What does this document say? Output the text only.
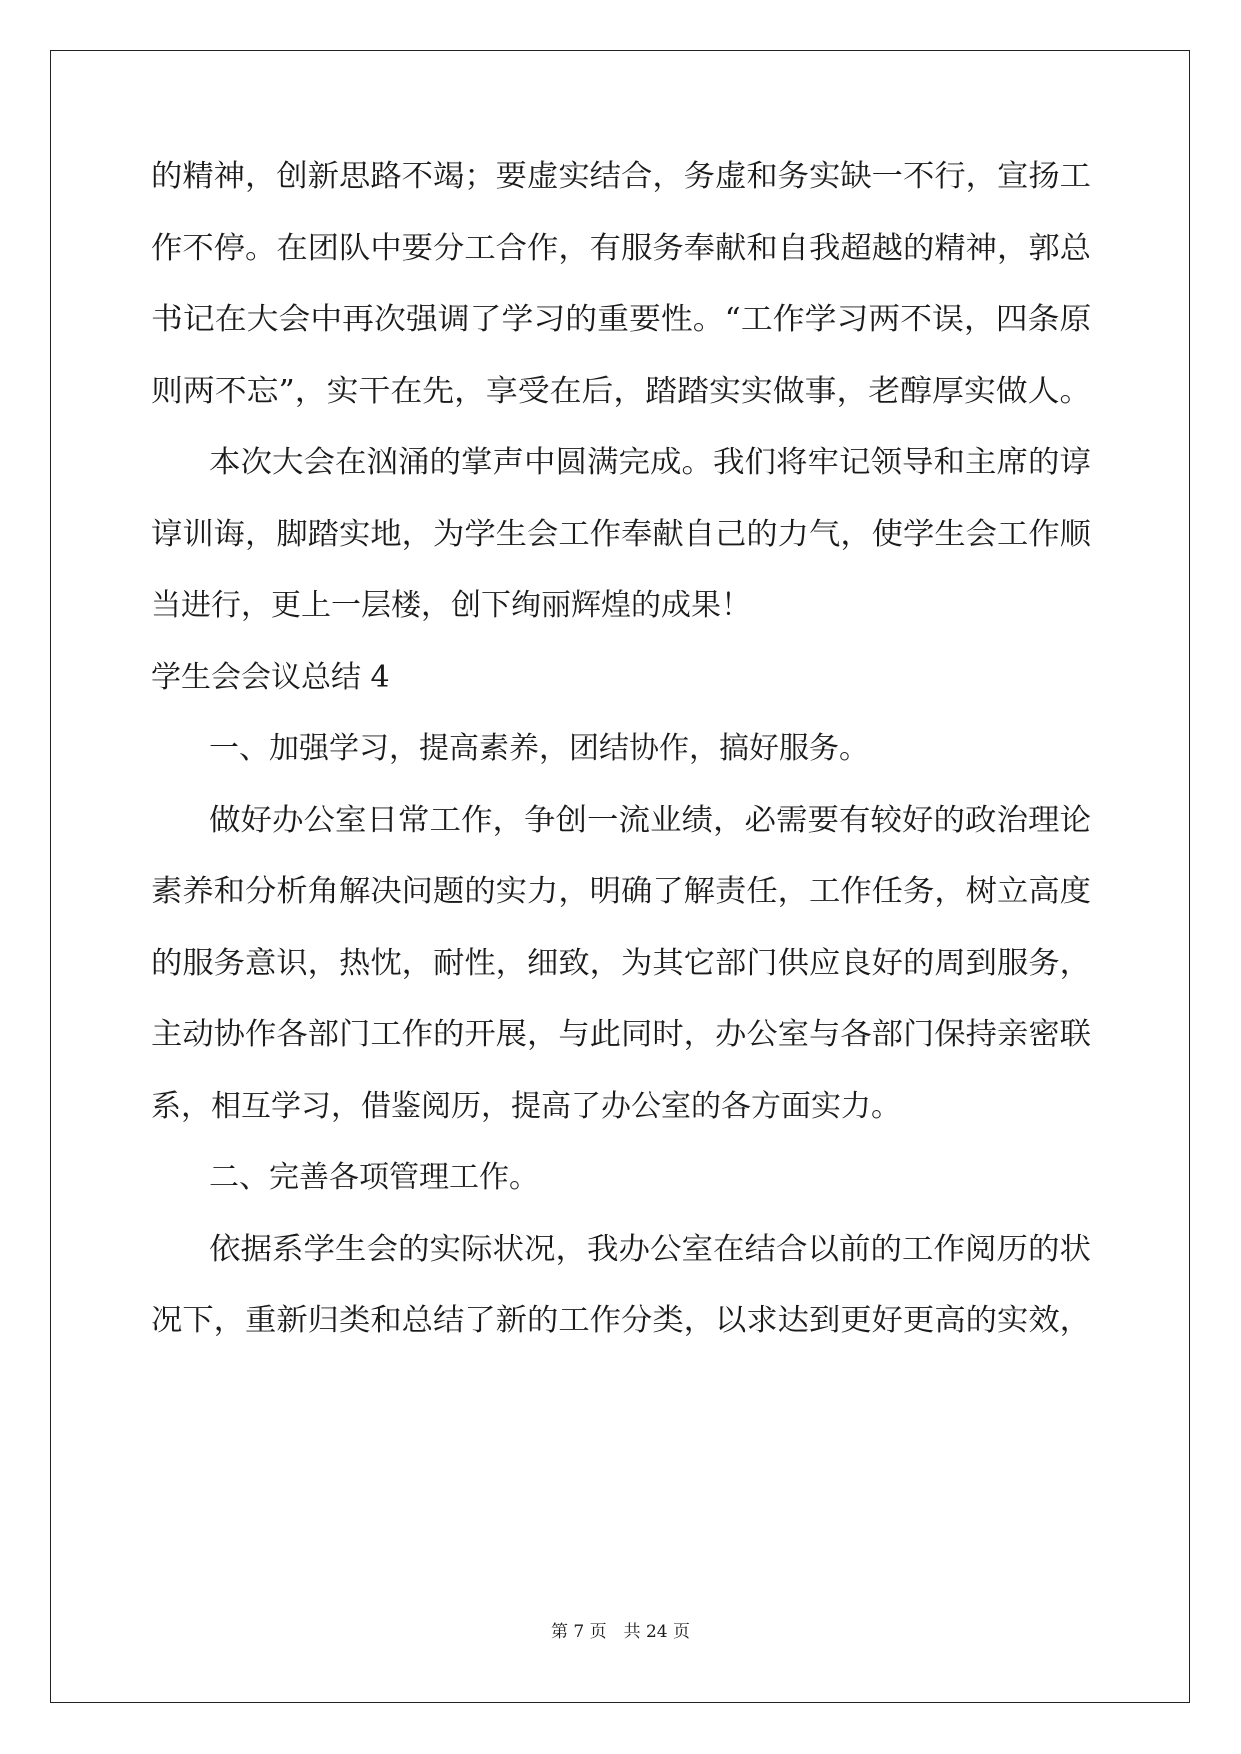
的精神，创新思路不竭；要虚实结合，务虚和务实缺一不行，宣扬工
作不停。在团队中要分工合作，有服务奉献和自我超越的精神，郭总
书记在大会中再次强调了学习的重要性。“工作学习两不误，四条原
则两不忘”，实干在先，享受在后，踏踏实实做事，老醇厚实做人。
本次大会在汹涌的掌声中圆满完成。我们将牢记领导和主席的谆
谆训诲，脚踏实地，为学生会工作奉献自己的力气，使学生会工作顺
当进行，更上一层楼，创下绚丽辉煌的成果！
学生会会议总结 4
一、加强学习，提高素养，团结协作，搞好服务。
做好办公室日常工作，争创一流业绩，必需要有较好的政治理论
素养和分析角解决问题的实力，明确了解责任，工作任务，树立高度
的服务意识，热忱，耐性，细致，为其它部门供应良好的周到服务，
主动协作各部门工作的开展，与此同时，办公室与各部门保持亲密联
系，相互学习，借鉴阅历，提高了办公室的各方面实力。
二、完善各项管理工作。
依据系学生会的实际状况，我办公室在结合以前的工作阅历的状
况下，重新归类和总结了新的工作分类，以求达到更好更高的实效，
第 7 页　共 24 页
